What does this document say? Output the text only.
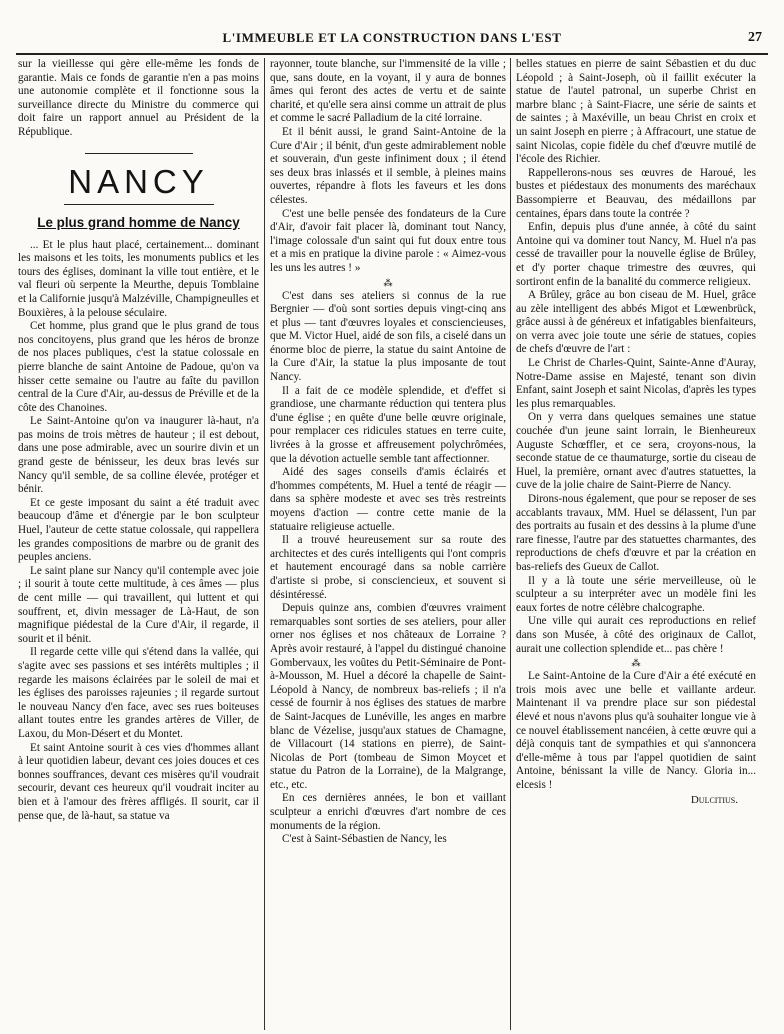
L'IMMEUBLE ET LA CONSTRUCTION DANS L'EST	27

sur la vieillesse qui gère elle-même les fonds de garantie. Mais ce fonds de garantie n'en a pas moins une autonomie complète et il fonctionne sous la surveillance directe du Ministre du commerce qui doit faire un rapport annuel au Président de la République.

NANCY
Le plus grand homme de Nancy

... Et le plus haut placé, certainement... dominant les maisons et les toits, les monuments publics et les tours des églises, dominant la ville tout entière, et le val fleuri où serpente la Meurthe, depuis Tomblaine et la Californie jusqu'à Malzéville, Champigneulles et Bouxières, à la pelouse séculaire.

Cet homme, plus grand que le plus grand de tous nos concitoyens, plus grand que les héros de bronze de nos places publiques, c'est la statue colossale en pierre blanche de saint Antoine de Padoue, qu'on va hisser cette semaine ou l'autre au faîte du pavillon central de la Cure d'Air, au-dessus de Préville et de la côte des Chanoines.

Le Saint-Antoine qu'on va inaugurer là-haut, n'a pas moins de trois mètres de hauteur ; il est debout, dans une pose admirable, avec un sourire divin et un grand geste de bénisseur, les deux bras levés sur Nancy qu'il semble, de sa colline élevée, protéger et bénir.

Et ce geste imposant du saint a été traduit avec beaucoup d'âme et d'énergie par le bon sculpteur Huel, l'auteur de cette statue colossale, qui rappellera les grandes compositions de marbre ou de granit des peuples anciens.

Le saint plane sur Nancy qu'il contemple avec joie ; il sourit à toute cette multitude, à ces âmes — plus de cent mille — qui travaillent, qui luttent et qui souffrent, et, divin messager de Là-Haut, de son magnifique piédestal de la Cure d'Air, il regarde, il sourit et il bénit.

Il regarde cette ville qui s'étend dans la vallée, qui s'agite avec ses passions et ses intérêts multiples ; il regarde les maisons éclairées par le soleil de mai et les églises des paroisses rajeunies ; il regarde surtout le nouveau Nancy d'en face, avec ses rues boiteuses allant toutes entre les grandes artères de Viller, de Laxou, du Mon-Désert et du Montet.

Et saint Antoine sourit à ces vies d'hommes allant à leur quotidien labeur, devant ces joies douces et ces bonnes souffrances, devant ces misères qu'il voudrait secourir, devant ces heureux qu'il voudrait inciter au bien et à l'amour des frères affligés. Il sourit, car il pense que, de là-haut, sa statue va

rayonner, toute blanche, sur l'immensité de la ville ; que, sans doute, en la voyant, il y aura de bonnes âmes qui feront des actes de vertu et de sainte charité, et qu'elle sera ainsi comme un attrait de plus et comme le sacré Palladium de la cité lorraine.

Et il bénit aussi, le grand Saint-Antoine de la Cure d'Air ; il bénit, d'un geste admirablement noble et souverain, d'un geste infiniment doux ; il étend ses deux bras inlassés et il semble, à pleines mains ouvertes, répandre à flots les faveurs et les dons célestes.

C'est une belle pensée des fondateurs de la Cure d'Air, d'avoir fait placer là, dominant tout Nancy, l'image colossale d'un saint qui fut doux entre tous et a mis en pratique la divine parole : « Aimez-vous les uns les autres ! »

⁂

C'est dans ses ateliers si connus de la rue Bergnier — d'où sont sorties depuis vingt-cinq ans et plus — tant d'œuvres loyales et consciencieuses, que M. Victor Huel, aidé de son fils, a ciselé dans un énorme bloc de pierre, la statue du saint Antoine de la Cure d'Air, la statue la plus imposante de tout Nancy.

Il a fait de ce modèle splendide, et d'effet si grandiose, une charmante réduction qui tentera plus d'une église ; en quête d'une belle œuvre originale, pour remplacer ces ridicules statues en terre cuite, livrées à la grosse et affreusement polychrômées, que la dévotion actuelle semble tant affectionner.

Aidé des sages conseils d'amis éclairés et d'hommes compétents, M. Huel a tenté de réagir — dans sa sphère modeste et avec ses très restreints moyens d'action — contre cette manie de la statuaire religieuse actuelle.

Il a trouvé heureusement sur sa route des architectes et des curés intelligents qui l'ont compris et hautement encouragé dans sa noble carrière d'artiste si probe, si consciencieux, et souvent si désintéressé.

Depuis quinze ans, combien d'œuvres vraiment remarquables sont sorties de ses ateliers, pour aller orner nos églises et nos châteaux de Lorraine ? Après avoir restauré, à l'appel du distingué chanoine Gombervaux, les voûtes du Petit-Séminaire de Pont-à-Mousson, M. Huel a décoré la chapelle de Saint-Léopold à Nancy, de nombreux bas-reliefs ; il n'a cessé de fournir à nos églises des statues de marbre de Saint-Jacques de Lunéville, les anges en marbre blanc de Vézelise, jusqu'aux statues de Chamagne, de Villacourt (14 stations en pierre), de Saint-Nicolas de Port (tombeau de Simon Moycet et statue du Patron de la Lorraine), de la Malgrange, etc., etc.

En ces dernières années, le bon et vaillant sculpteur a enrichi d'œuvres d'art nombre de ces monuments de la région.

C'est à Saint-Sébastien de Nancy, les

belles statues en pierre de saint Sébastien et du duc Léopold ; à Saint-Joseph, où il faillit exécuter la statue de l'autel patronal, un superbe Christ en marbre blanc ; à Saint-Fiacre, une série de saints et de saintes ; à Maxéville, un beau Christ en croix et un saint Joseph en pierre ; à Affracourt, une statue de saint Nicolas, copie fidèle du chef d'œuvre mutilé de l'école des Richier.

Rappellerons-nous ses œuvres de Haroué, les bustes et piédestaux des monuments des maréchaux Bassompierre et Beauvau, des médaillons par centaines, épars dans toute la contrée ?

Enfin, depuis plus d'une année, à côté du saint Antoine qui va dominer tout Nancy, M. Huel n'a pas cessé de travailler pour la nouvelle église de Brûley, et d'y porter chaque trimestre des œuvres, qui sortiront enfin de la banalité du commerce religieux.

A Brûley, grâce au bon ciseau de M. Huel, grâce au zèle intelligent des abbés Migot et Lœwenbrück, grâce aussi à de généreux et infatigables bienfaiteurs, on verra avec joie toute une série de statues, copies de chefs d'œuvre de l'art :

Le Christ de Charles-Quint, Sainte-Anne d'Auray, Notre-Dame assise en Majesté, tenant son divin Enfant, saint Joseph et saint Nicolas, d'après les types les plus remarquables.

On y verra dans quelques semaines une statue couchée d'un jeune saint lorrain, le Bienheureux Auguste Schœffler, et ce sera, croyons-nous, la seconde statue de ce thaumaturge, sortie du ciseau de Huel, la première, ornant avec d'autres statuettes, la cuve de la jolie chaire de Saint-Pierre de Nancy.

Dirons-nous également, que pour se reposer de ses accablants travaux, MM. Huel se délassent, l'un par des portraits au fusain et des dessins à la plume d'une rare finesse, l'autre par des statuettes charmantes, des reproductions de chefs d'œuvre et par la création en bas-reliefs des Gueux de Callot.

Il y a là toute une série merveilleuse, où le sculpteur a su interpréter avec un modèle fini les eaux fortes de notre célèbre chalcographe.

Une ville qui aurait ces reproductions en relief dans son Musée, à côté des originaux de Callot, aurait une collection splendide et... pas chère !

⁂

Le Saint-Antoine de la Cure d'Air a été exécuté en trois mois avec une belle et vaillante ardeur. Maintenant il va prendre place sur son piédestal élevé et nous n'avons plus qu'à souhaiter longue vie à ce nouvel établissement nancéien, à cette œuvre qui a déjà conquis tant de sympathies et qui s'annoncera d'elle-même à tous par l'appel quotidien de saint Antoine, bénissant la ville de Nancy. Gloria in... elcesis !

Dulcitius.
